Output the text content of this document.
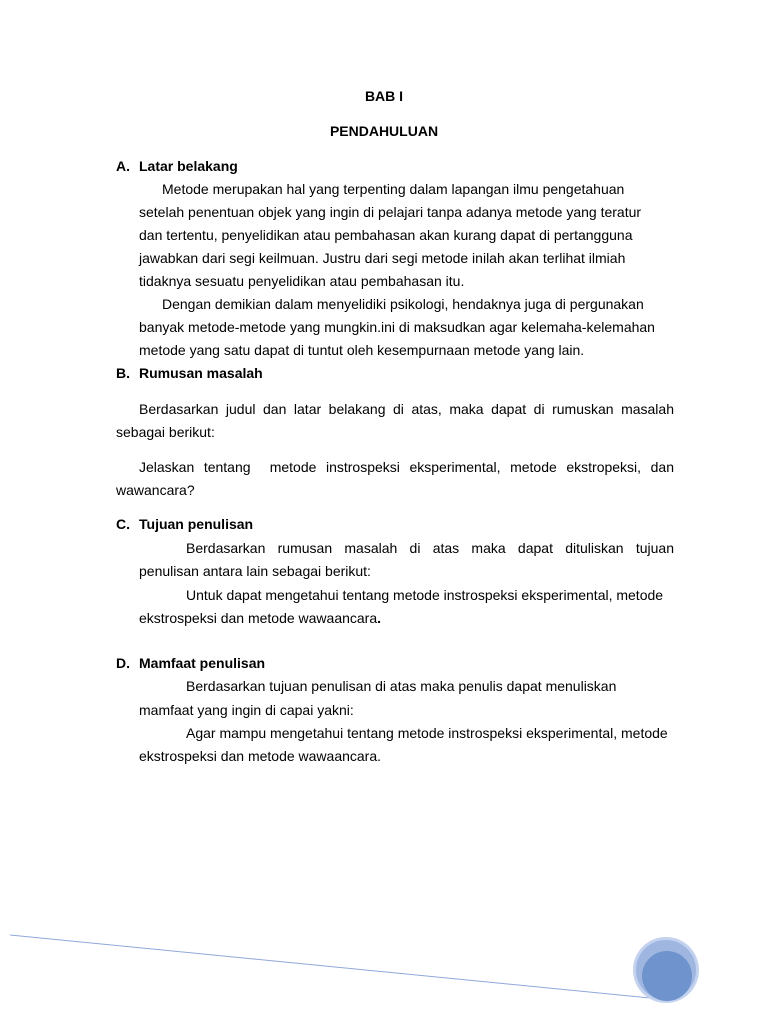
BAB I
PENDAHULUAN
A. Latar belakang
Metode merupakan hal yang terpenting dalam lapangan ilmu pengetahuan
setelah penentuan objek yang ingin di pelajari tanpa adanya metode yang teratur
dan tertentu, penyelidikan atau pembahasan akan kurang dapat di pertangguna
jawabkan dari segi keilmuan. Justru dari segi metode inilah akan terlihat ilmiah
tidaknya sesuatu penyelidikan atau pembahasan itu.
Dengan demikian dalam menyelidiki psikologi, hendaknya juga di pergunakan
banyak metode-metode yang mungkin.ini di maksudkan agar kelemaha-kelemahan
metode yang satu dapat di tuntut oleh kesempurnaan metode yang lain.
B. Rumusan masalah
Berdasarkan judul dan latar belakang di atas, maka dapat di rumuskan masalah
sebagai berikut:
Jelaskan tentang  metode instrospeksi eksperimental, metode ekstropeksi, dan
wawancara?
C. Tujuan penulisan
Berdasarkan rumusan masalah di atas maka dapat dituliskan tujuan
penulisan antara lain sebagai berikut:
Untuk dapat mengetahui tentang metode instrospeksi eksperimental, metode
ekstrospeksi dan metode wawaancara.
D. Mamfaat penulisan
Berdasarkan tujuan penulisan di atas maka penulis dapat menuliskan
mamfaat yang ingin di capai yakni:
Agar mampu mengetahui tentang metode instrospeksi eksperimental, metode
ekstrospeksi dan metode wawaancara.
